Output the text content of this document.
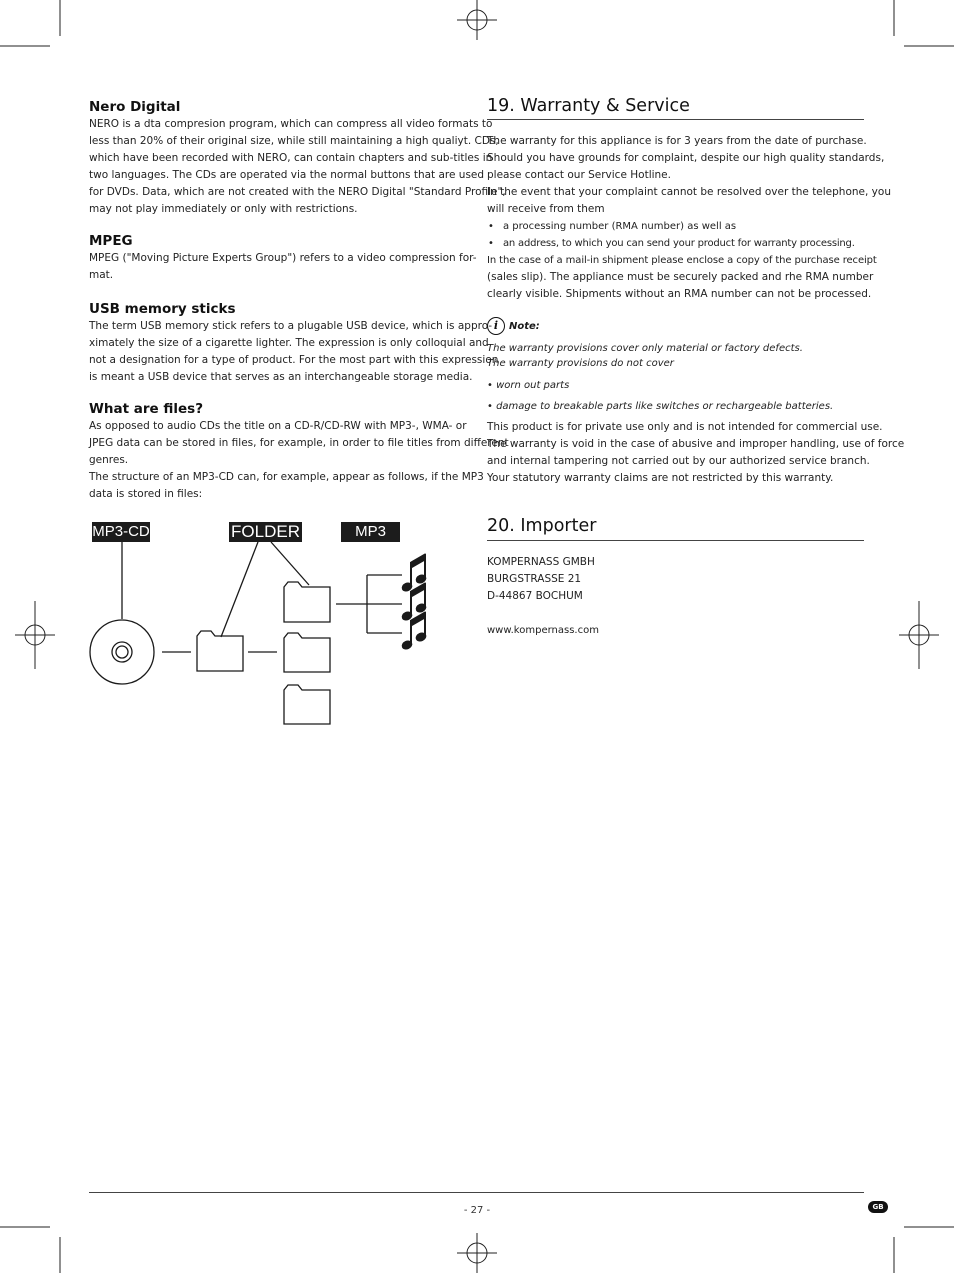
Nero Digital
NERO is a dta compresion program, which can compress all video formats to
less than 20% of their original size, while still maintaining a high qualiyt. CDs,
which have been recorded with NERO, can contain chapters and sub-titles in
two languages. The CDs are operated via the normal buttons that are used
for DVDs. Data, which are not created with the NERO Digital "Standard Profile",
may not play immediately or only with restrictions.
MPEG
MPEG ("Moving Picture Experts Group") refers to a video compression for-
mat.
USB memory sticks
The term USB memory stick refers to a plugable USB device, which is appro-
ximately the size of a cigarette lighter. The expression is only colloquial and
not a designation for a type of product. For the most part with this expression
is meant a USB device that serves as an interchangeable storage media.
What are files?
As opposed to audio CDs the title on a CD-R/CD-RW with MP3-, WMA- or
JPEG data can be stored in files, for example, in order to file titles from different
genres.
The structure of an MP3-CD can, for example, appear as follows, if the MP3
data is stored in files:
MP3-CD	FOLDER	MP3
19. Warranty & Service
The warranty for this appliance is for 3 years from the date of purchase.
Should you have grounds for complaint, despite our high quality standards,
please contact our Service Hotline.
In the event that your complaint cannot be resolved over the telephone, you
will receive from them
• a processing number (RMA number) as well as
• an address, to which you can send your product for warranty processing.
In the case of a mail-in shipment please enclose a copy of the purchase receipt
(sales slip). The appliance must be securely packed and rhe RMA number
clearly visible. Shipments without an RMA number can not be processed.
i	Note:
The warranty provisions cover only material or factory defects.
The warranty provisions do not cover
• worn out parts
• damage to breakable parts like switches or rechargeable batteries.
This product is for private use only and is not intended for commercial use.
The warranty is void in the case of abusive and improper handling, use of force
and internal tampering not carried out by our authorized service branch.
Your statutory warranty claims are not restricted by this warranty.
20. Importer
KOMPERNASS GMBH
BURGSTRASSE 21
D-44867 BOCHUM
www.kompernass.com
- 27 -	GB
